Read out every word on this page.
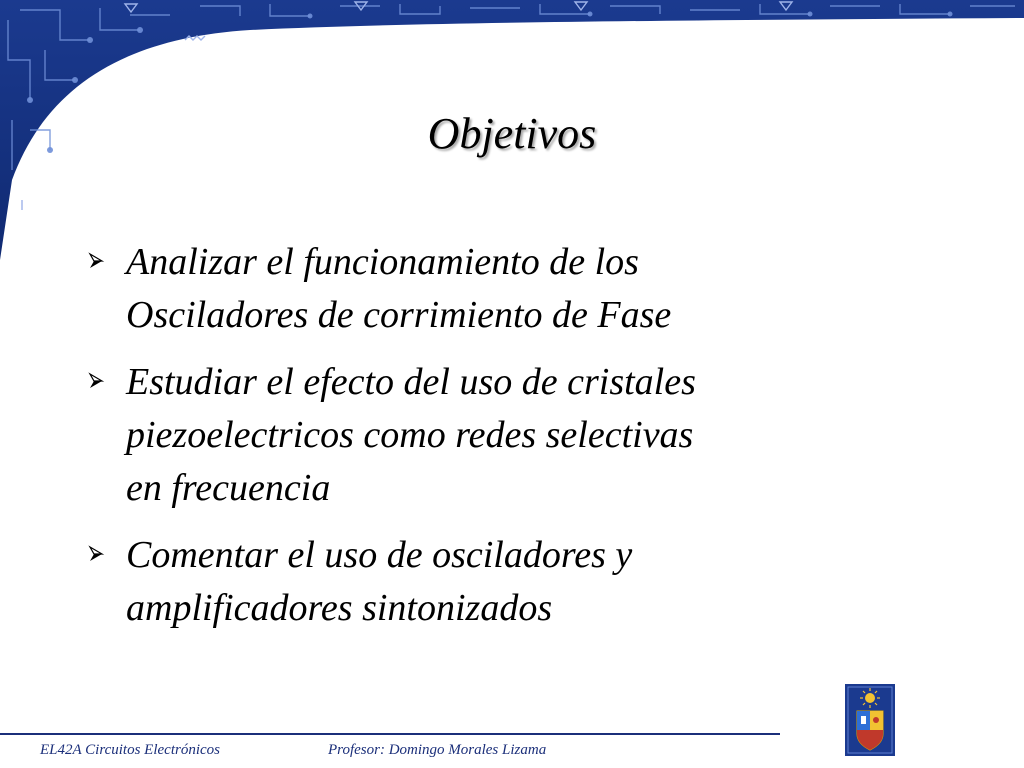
Objetivos
Analizar el funcionamiento de los
Osciladores de corrimiento de Fase
Estudiar el efecto del uso de cristales
piezoelectricos como redes selectivas
en frecuencia
Comentar el uso de osciladores y
amplificadores sintonizados
EL42A Circuitos Electrónicos	Profesor: Domingo Morales Lizama
